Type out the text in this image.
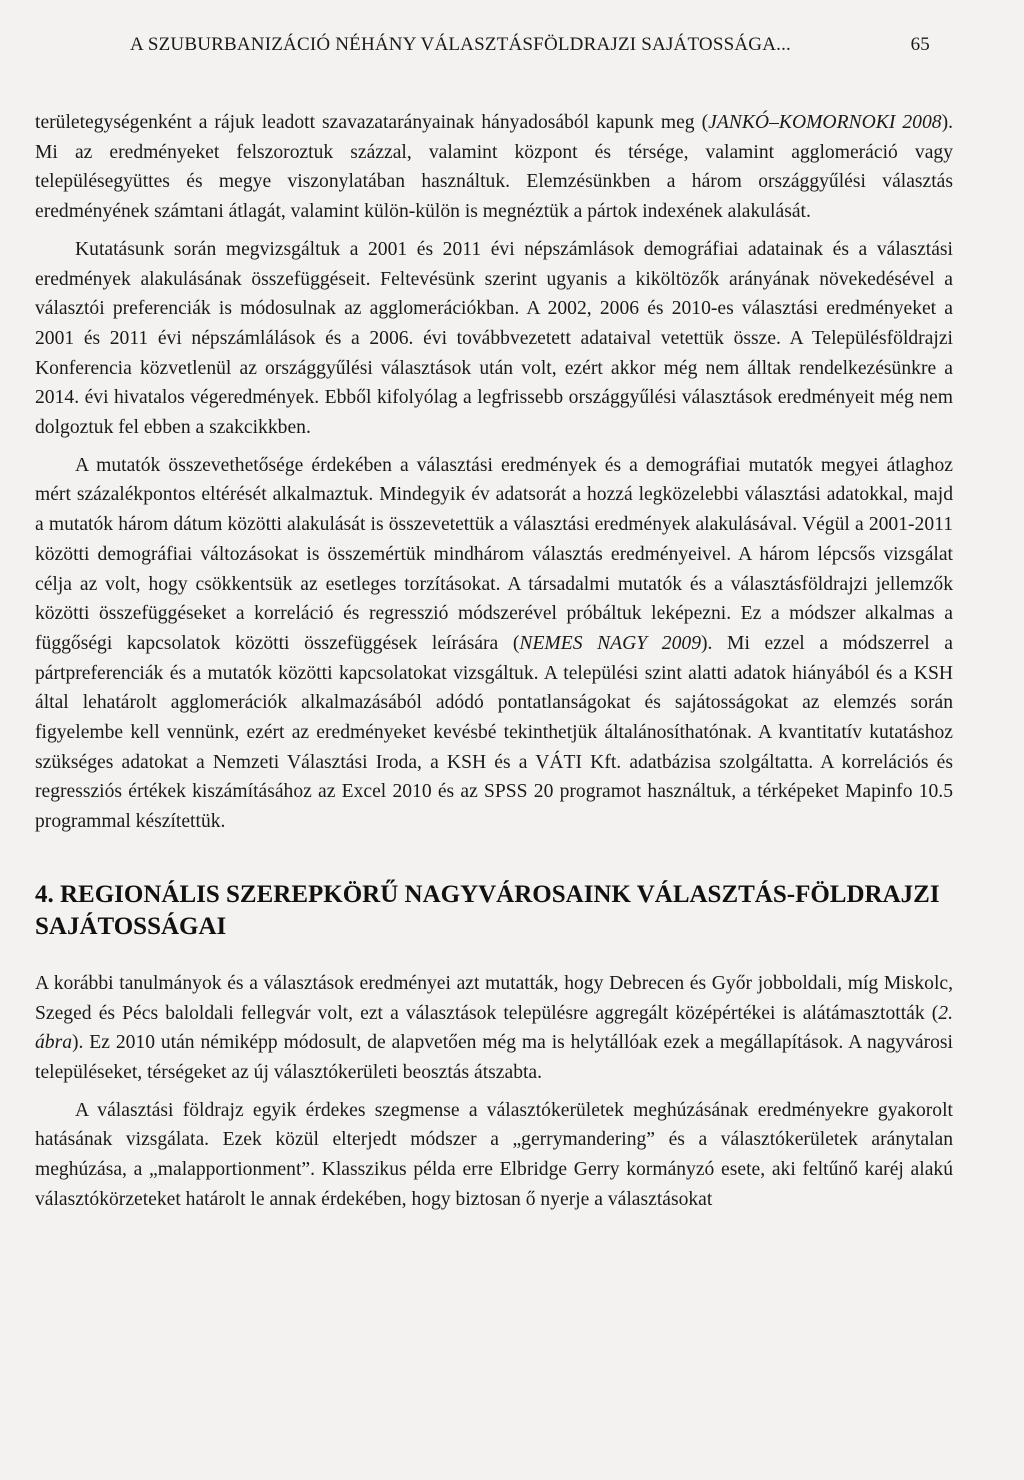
A SZUBURBANIZÁCIÓ NÉHÁNY VÁLASZTÁSFÖLDRAJZI SAJÁTOSSÁGA...	65

területegységenként a rájuk leadott szavazatarányainak hányadosából kapunk meg (JANKÓ–KOMORNOKI 2008). Mi az eredményeket felszoroztuk százzal, valamint központ és térsége, valamint agglomeráció vagy településegyüttes és megye viszonylatában használtuk. Elemzésünkben a három országgyűlési választás eredményének számtani átlagát, valamint külön-külön is megnéztük a pártok indexének alakulását.

Kutatásunk során megvizsgáltuk a 2001 és 2011 évi népszámlások demográfiai adatainak és a választási eredmények alakulásának összefüggéseit. Feltevésünk szerint ugyanis a kiköltözők arányának növekedésével a választói preferenciák is módosulnak az agglomerációkban. A 2002, 2006 és 2010-es választási eredményeket a 2001 és 2011 évi népszámlálások és a 2006. évi továbbvezetett adataival vetettük össze. A Településföldrajzi Konferencia közvetlenül az országgyűlési választások után volt, ezért akkor még nem álltak rendelkezésünkre a 2014. évi hivatalos végeredmények. Ebből kifolyólag a legfrissebb országgyűlési választások eredményeit még nem dolgoztuk fel ebben a szakcikkben.

A mutatók összevethetősége érdekében a választási eredmények és a demográfiai mutatók megyei átlaghoz mért százalékpontos eltérését alkalmaztuk. Mindegyik év adatsorát a hozzá legközelebbi választási adatokkal, majd a mutatók három dátum közötti alakulását is összevetettük a választási eredmények alakulásával. Végül a 2001-2011 közötti demográfiai változásokat is összemértük mindhárom választás eredményeivel. A három lépcsős vizsgálat célja az volt, hogy csökkentsük az esetleges torzításokat. A társadalmi mutatók és a választásföldrajzi jellemzők közötti összefüggéseket a korreláció és regresszió módszerével próbáltuk leképezni. Ez a módszer alkalmas a függőségi kapcsolatok közötti összefüggések leírására (NEMES NAGY 2009). Mi ezzel a módszerrel a pártpreferenciák és a mutatók közötti kapcsolatokat vizsgáltuk. A települési szint alatti adatok hiányából és a KSH által lehatárolt agglomerációk alkalmazásából adódó pontatlanságokat és sajátosságokat az elemzés során figyelembe kell vennünk, ezért az eredményeket kevésbé tekinthetjük általánosíthatónak. A kvantitatív kutatáshoz szükséges adatokat a Nemzeti Választási Iroda, a KSH és a VÁTI Kft. adatbázisa szolgáltatta. A korrelációs és regressziós értékek kiszámításához az Excel 2010 és az SPSS 20 programot használtuk, a térképeket Mapinfo 10.5 programmal készítettük.

4. REGIONÁLIS SZEREPKÖRŰ NAGYVÁROSAINK VÁLASZTÁS-FÖLDRAJZI SAJÁTOSSÁGAI

A korábbi tanulmányok és a választások eredményei azt mutatták, hogy Debrecen és Győr jobboldali, míg Miskolc, Szeged és Pécs baloldali fellegvár volt, ezt a választások településre aggregált középértékei is alátámasztották (2. ábra). Ez 2010 után némiképp módosult, de alapvetően még ma is helytállóak ezek a megállapítások. A nagyvárosi településeket, térségeket az új választókerületi beosztás átszabta.

A választási földrajz egyik érdekes szegmense a választókerületek meghúzásának eredményekre gyakorolt hatásának vizsgálata. Ezek közül elterjedt módszer a „gerrymandering” és a választókerületek aránytalan meghúzása, a „malapportionment”. Klasszikus példa erre Elbridge Gerry kormányzó esete, aki feltűnő karéj alakú választókörzeteket határolt le annak érdekében, hogy biztosan ő nyerje a választásokat
